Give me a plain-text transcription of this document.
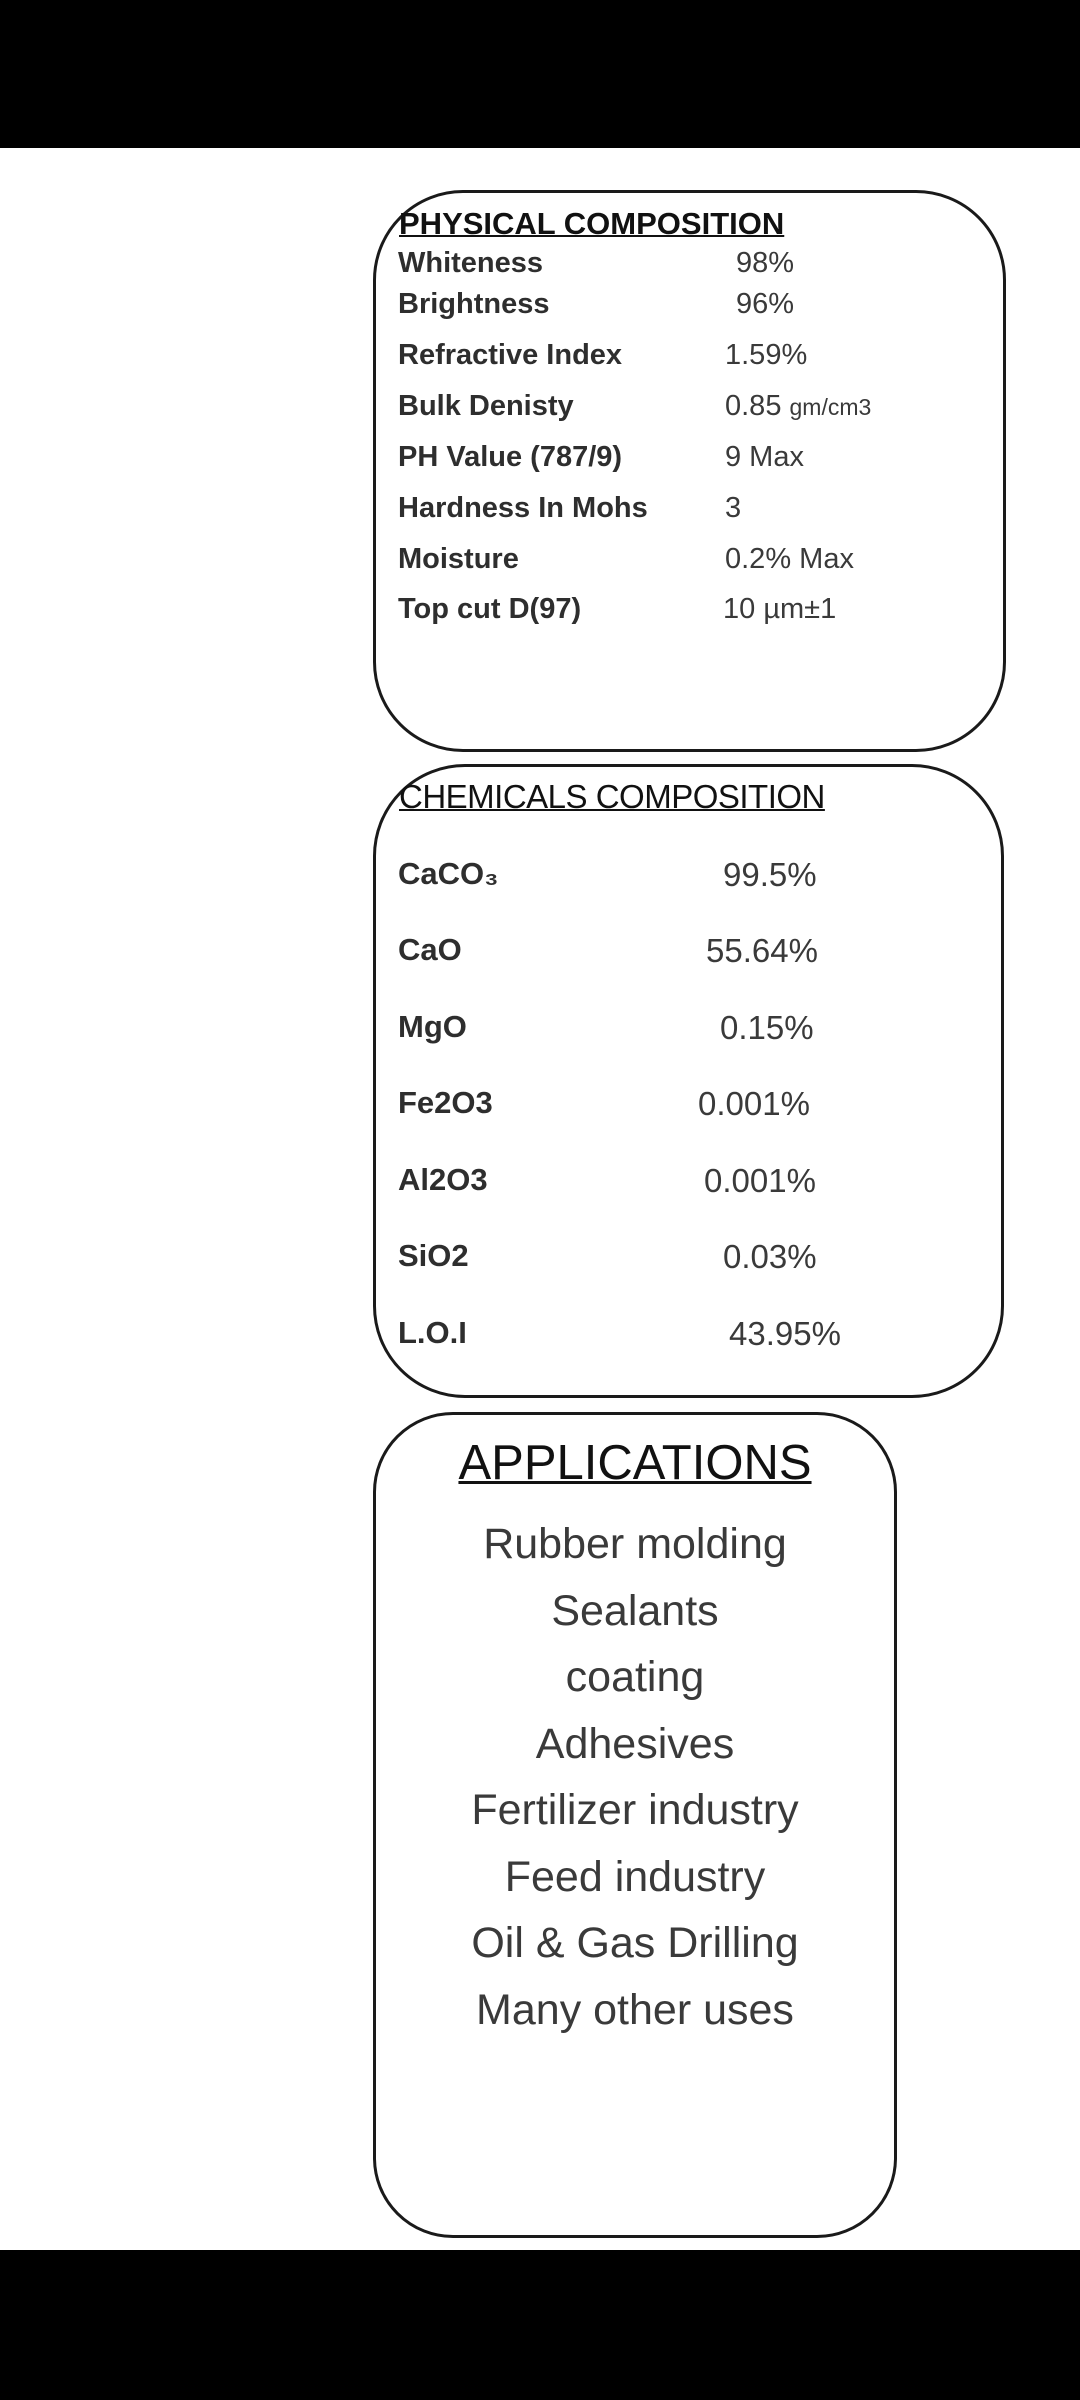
PHYSICAL COMPOSITION
Whiteness	98%
Brightness	96%
Refractive Index	1.59%
Bulk Denisty	0.85 gm/cm3
PH Value (787/9)	9 Max
Hardness In Mohs	3
Moisture	0.2% Max
Top cut D(97)	10 µm±1
CHEMICALS COMPOSITION
CaCO₃	99.5%
CaO	55.64%
MgO	0.15%
Fe2O3	0.001%
Al2O3	0.001%
SiO2	0.03%
L.O.I	43.95%
APPLICATIONS
Rubber molding
Sealants
coating
Adhesives
Fertilizer industry
Feed industry
Oil & Gas Drilling
Many other uses
